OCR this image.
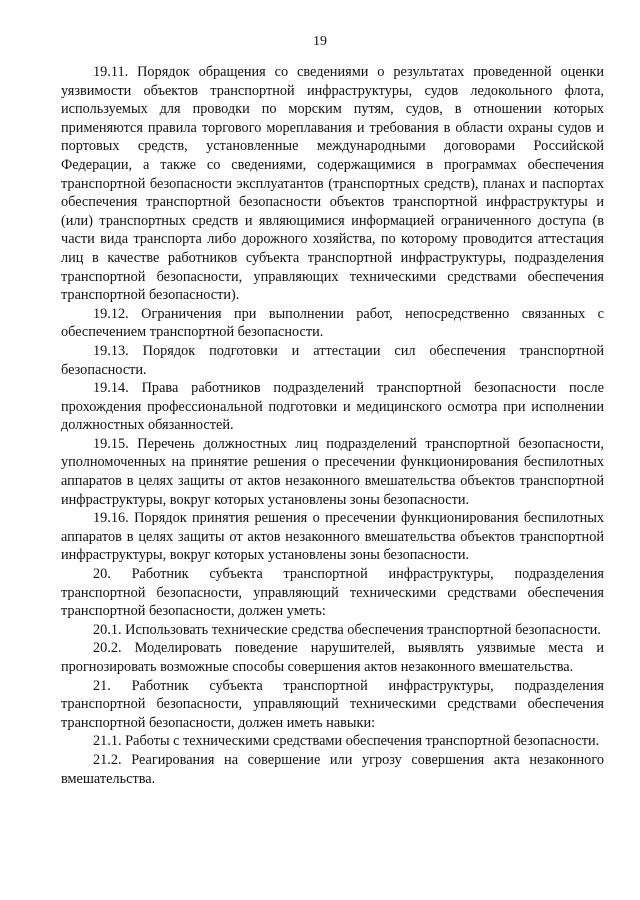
19

19.11. Порядок обращения со сведениями о результатах проведенной оценки уязвимости объектов транспортной инфраструктуры, судов ледокольного флота, используемых для проводки по морским путям, судов, в отношении которых применяются правила торгового мореплавания и требования в области охраны судов и портовых средств, установленные международными договорами Российской Федерации, а также со сведениями, содержащимися в программах обеспечения транспортной безопасности эксплуатантов (транспортных средств), планах и паспортах обеспечения транспортной безопасности объектов транспортной инфраструктуры и (или) транспортных средств и являющимися информацией ограниченного доступа (в части вида транспорта либо дорожного хозяйства, по которому проводится аттестация лиц в качестве работников субъекта транспортной инфраструктуры, подразделения транспортной безопасности, управляющих техническими средствами обеспечения транспортной безопасности).

19.12. Ограничения при выполнении работ, непосредственно связанных с обеспечением транспортной безопасности.

19.13. Порядок подготовки и аттестации сил обеспечения транспортной безопасности.

19.14. Права работников подразделений транспортной безопасности после прохождения профессиональной подготовки и медицинского осмотра при исполнении должностных обязанностей.

19.15. Перечень должностных лиц подразделений транспортной безопасности, уполномоченных на принятие решения о пресечении функционирования беспилотных аппаратов в целях защиты от актов незаконного вмешательства объектов транспортной инфраструктуры, вокруг которых установлены зоны безопасности.

19.16. Порядок принятия решения о пресечении функционирования беспилотных аппаратов в целях защиты от актов незаконного вмешательства объектов транспортной инфраструктуры, вокруг которых установлены зоны безопасности.

20. Работник субъекта транспортной инфраструктуры, подразделения транспортной безопасности, управляющий техническими средствами обеспечения транспортной безопасности, должен уметь:

20.1. Использовать технические средства обеспечения транспортной безопасности.

20.2. Моделировать поведение нарушителей, выявлять уязвимые места и прогнозировать возможные способы совершения актов незаконного вмешательства.

21. Работник субъекта транспортной инфраструктуры, подразделения транспортной безопасности, управляющий техническими средствами обеспечения транспортной безопасности, должен иметь навыки:

21.1. Работы с техническими средствами обеспечения транспортной безопасности.

21.2. Реагирования на совершение или угрозу совершения акта незаконного вмешательства.
